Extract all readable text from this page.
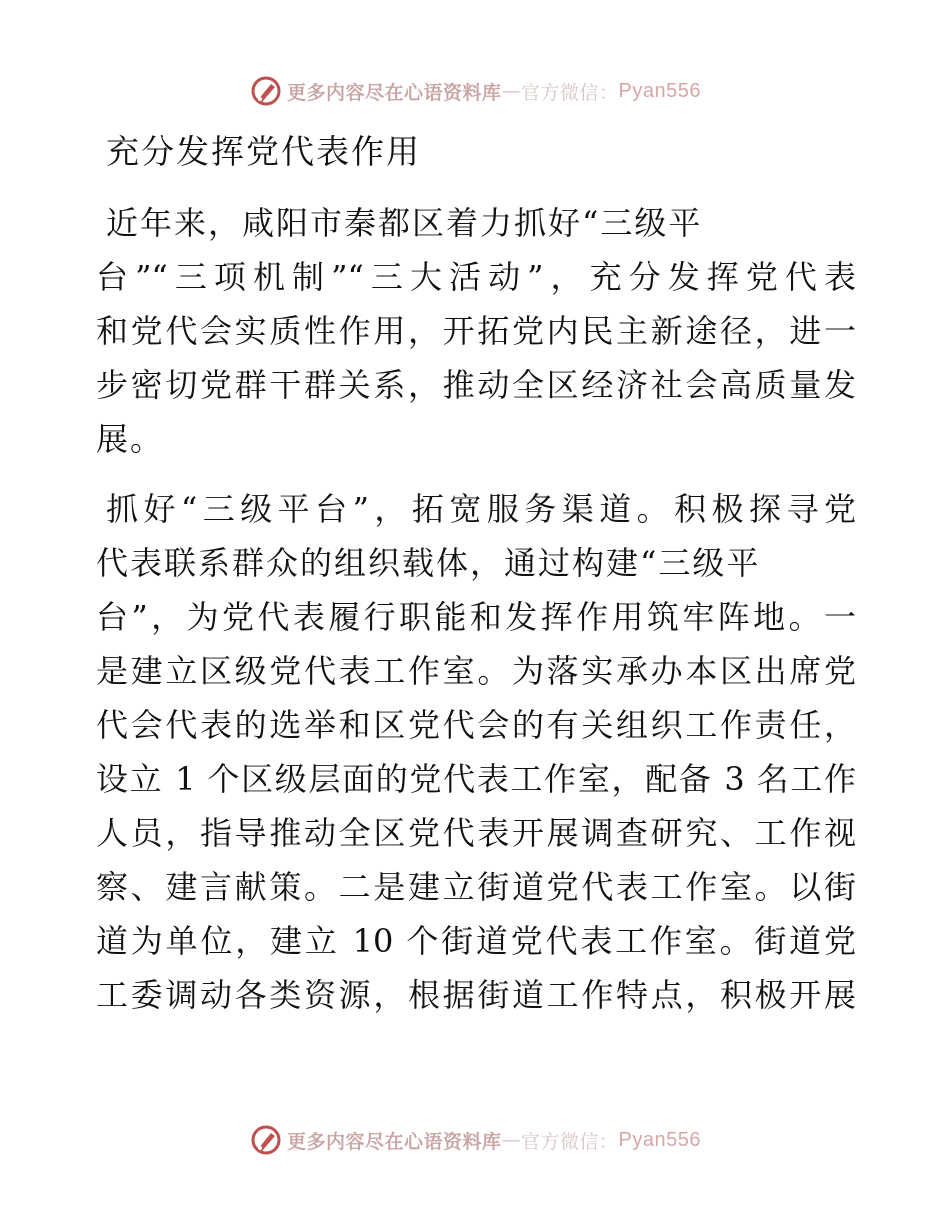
更多内容尽在心语资料库 — 官方微信： Pyan556
充分发挥党代表作用
近年来，咸阳市秦都区着力抓好“三级平
台”“三项机制”“三大活动”，充分发挥党代表
和党代会实质性作用，开拓党内民主新途径，进一
步密切党群干群关系，推动全区经济社会高质量发
展。
抓好“三级平台”，拓宽服务渠道。积极探寻党
代表联系群众的组织载体，通过构建“三级平
台”，为党代表履行职能和发挥作用筑牢阵地。一
是建立区级党代表工作室。为落实承办本区出席党
代会代表的选举和区党代会的有关组织工作责任，
设立 1 个区级层面的党代表工作室，配备 3 名工作
人员，指导推动全区党代表开展调查研究、工作视
察、建言献策。二是建立街道党代表工作室。以街
道为单位，建立 10 个街道党代表工作室。街道党
工委调动各类资源，根据街道工作特点，积极开展
更多内容尽在心语资料库 — 官方微信： Pyan556
